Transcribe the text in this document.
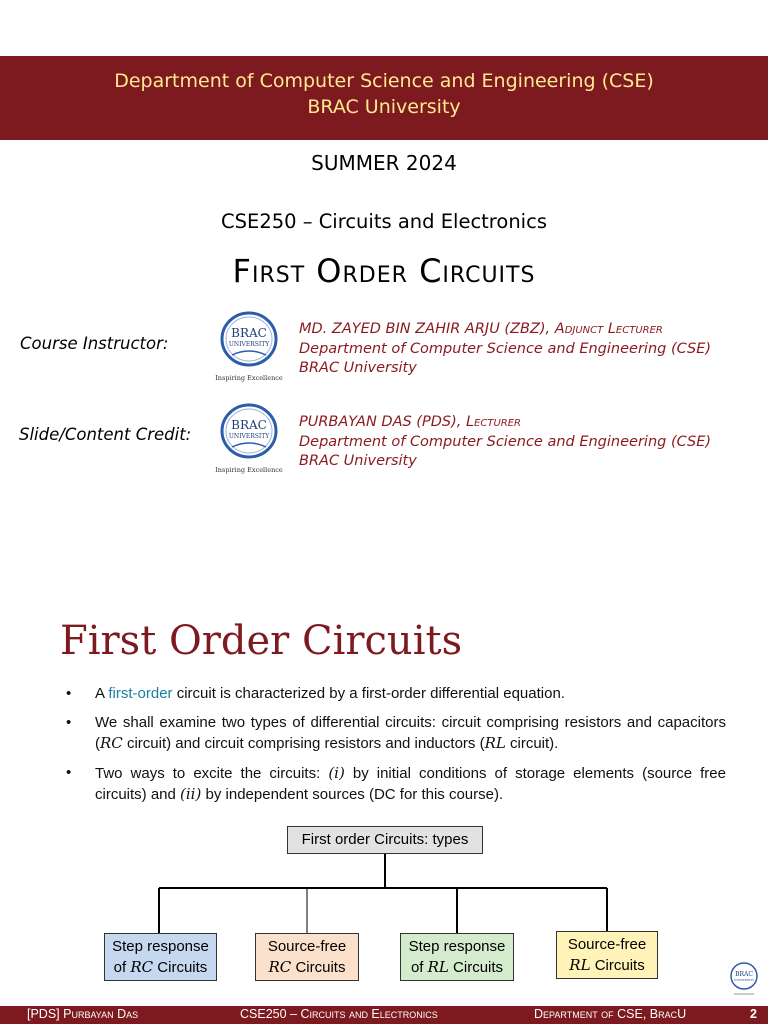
Department of Computer Science and Engineering (CSE)
BRAC University
SUMMER 2024
CSE250 – Circuits and Electronics
First Order Circuits
Course Instructor:
BRAC
UNIVERSITY
Inspiring Excellence
MD. ZAYED BIN ZAHIR ARJU (ZBZ), Adjunct Lecturer
Department of Computer Science and Engineering (CSE)
BRAC University
Slide/Content Credit:	BRAC
UNIVERSITY
Inspiring Excellence
PURBAYAN DAS (PDS), Lecturer
Department of Computer Science and Engineering (CSE)
BRAC University
First Order Circuits
• A first-order circuit is characterized by a first-order differential equation.
• We shall examine two types of differential circuits: circuit comprising resistors and capacitors (RC circuit) and circuit comprising resistors and inductors (RL circuit).
• Two ways to excite the circuits: (i) by initial conditions of storage elements (source free circuits) and (ii) by independent sources (DC for this course).
First order Circuits: types
Step response
of RC Circuits
Source-free
RC Circuits
Step response
of RL Circuits
Source-free
RL Circuits
BRAC
UNIVERSITY
[PDS] Purbayan Das	CSE250 – Circuits and Electronics	Department of CSE, BracU	2
